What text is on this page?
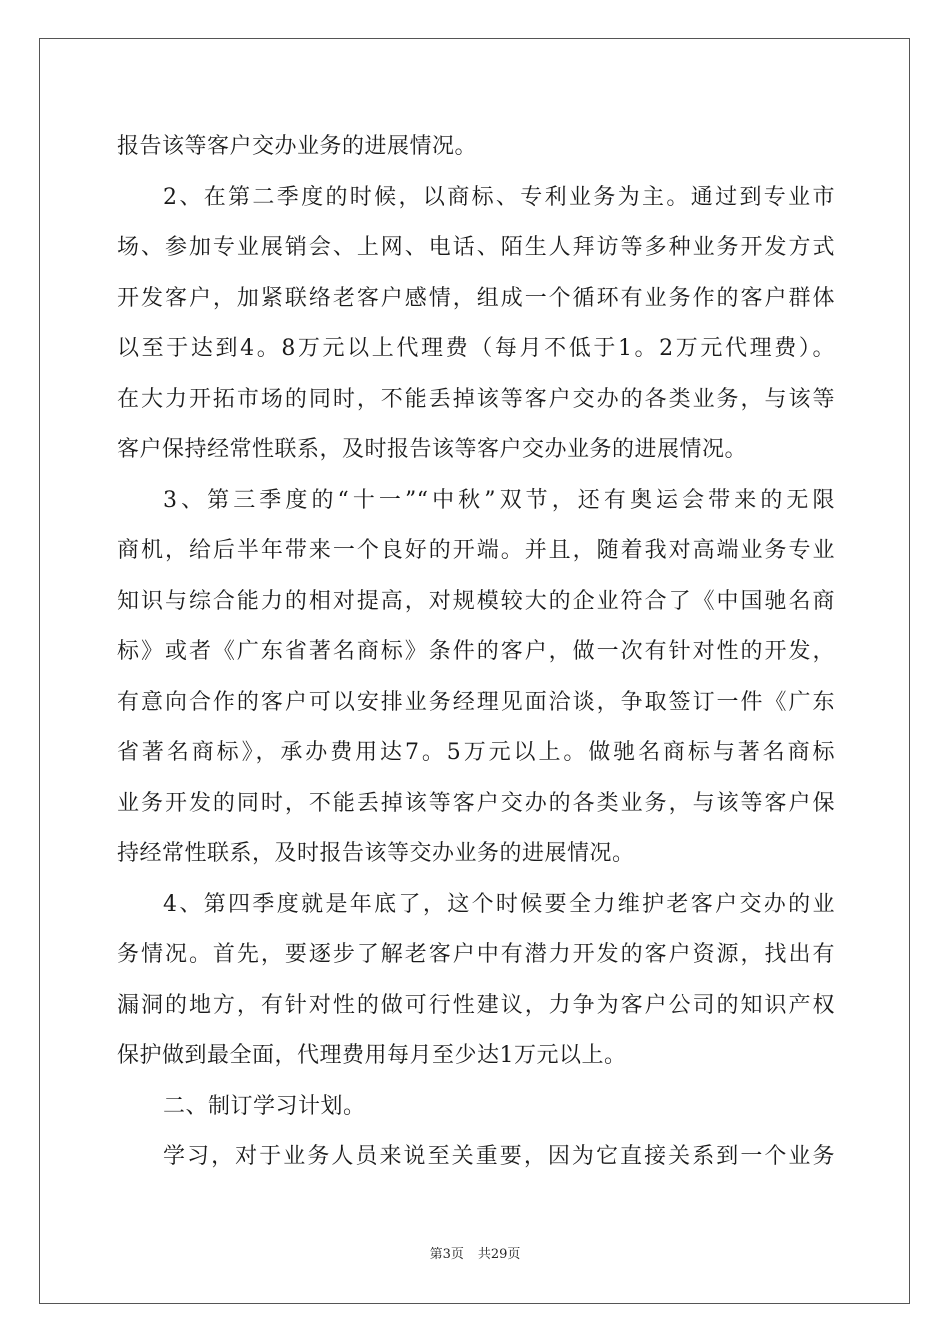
报告该等客户交办业务的进展情况。
2、在第二季度的时候，以商标、专利业务为主。通过到专业市
场、参加专业展销会、上网、电话、陌生人拜访等多种业务开发方式
开发客户，加紧联络老客户感情，组成一个循环有业务作的客户群体
以至于达到4。8万元以上代理费（每月不低于1。2万元代理费）。
在大力开拓市场的同时，不能丢掉该等客户交办的各类业务，与该等
客户保持经常性联系，及时报告该等客户交办业务的进展情况。
3、第三季度的“十一”“中秋”双节，还有奥运会带来的无限
商机，给后半年带来一个良好的开端。并且，随着我对高端业务专业
知识与综合能力的相对提高，对规模较大的企业符合了《中国驰名商
标》或者《广东省著名商标》条件的客户，做一次有针对性的开发，
有意向合作的客户可以安排业务经理见面洽谈，争取签订一件《广东
省著名商标》，承办费用达7。5万元以上。做驰名商标与著名商标
业务开发的同时，不能丢掉该等客户交办的各类业务，与该等客户保
持经常性联系，及时报告该等交办业务的进展情况。
4、第四季度就是年底了，这个时候要全力维护老客户交办的业
务情况。首先，要逐步了解老客户中有潜力开发的客户资源，找出有
漏洞的地方，有针对性的做可行性建议，力争为客户公司的知识产权
保护做到最全面，代理费用每月至少达1万元以上。
二、制订学习计划。
学习，对于业务人员来说至关重要，因为它直接关系到一个业务
第3页 共29页
